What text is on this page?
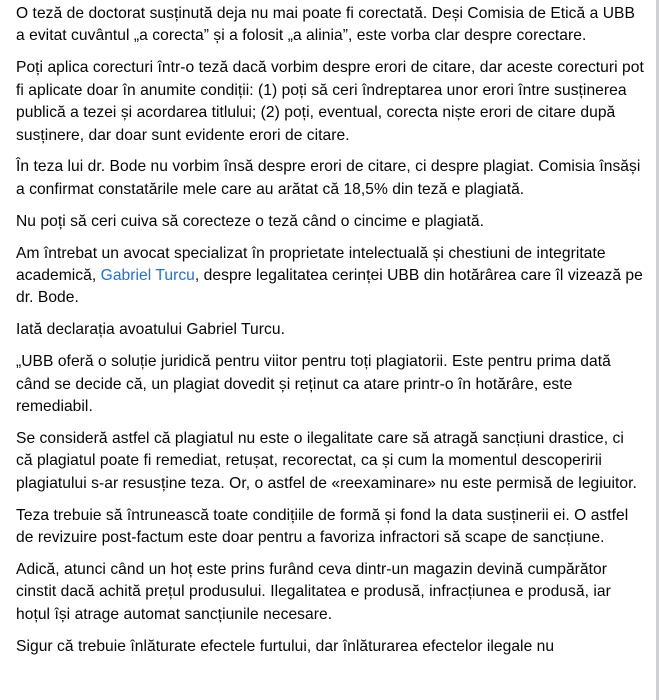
O teză de doctorat susținută deja nu mai poate fi corectată. Deși Comisia de Etică a UBB a evitat cuvântul „a corecta” și a folosit „a alinia”, este vorba clar despre corectare.

Poți aplica corecturi într-o teză dacă vorbim despre erori de citare, dar aceste corecturi pot fi aplicate doar în anumite condiții: (1) poți să ceri îndreptarea unor erori între susținerea publică a tezei și acordarea titlului; (2) poți, eventual, corecta niște erori de citare după susținere, dar doar sunt evidente erori de citare.

În teza lui dr. Bode nu vorbim însă despre erori de citare, ci despre plagiat. Comisia însăși a confirmat constatările mele care au arătat că 18,5% din teză e plagiată.

Nu poți să ceri cuiva să corecteze o teză când o cincime e plagiată.

Am întrebat un avocat specializat în proprietate intelectuală și chestiuni de integritate academică, Gabriel Turcu, despre legalitatea cerinței UBB din hotărârea care îl vizează pe dr. Bode.

Iată declarația avoatului Gabriel Turcu.

„UBB oferă o soluție juridică pentru viitor pentru toți plagiatorii. Este pentru prima dată când se decide că, un plagiat dovedit și reținut ca atare printr-o în hotărâre, este remediabil.

Se consideră astfel că plagiatul nu este o ilegalitate care să atragă sancțiuni drastice, ci că plagiatul poate fi remediat, retușat, recorectat, ca și cum la momentul descoperirii plagiatului s-ar resusține teza. Or, o astfel de «reexaminare» nu este permisă de legiuitor.

Teza trebuie să întrunească toate condițiile de formă și fond la data susținerii ei. O astfel de revizuire post-factum este doar pentru a favoriza infractori să scape de sancțiune.

Adică, atunci când un hoț este prins furând ceva dintr-un magazin devină cumpărător cinstit dacă achită prețul produsului. Ilegalitatea e produsă, infracțiunea e produsă, iar hoțul își atrage automat sancțiunile necesare.

Sigur că trebuie înlăturate efectele furtului, dar înlăturarea efectelor ilegale nu
